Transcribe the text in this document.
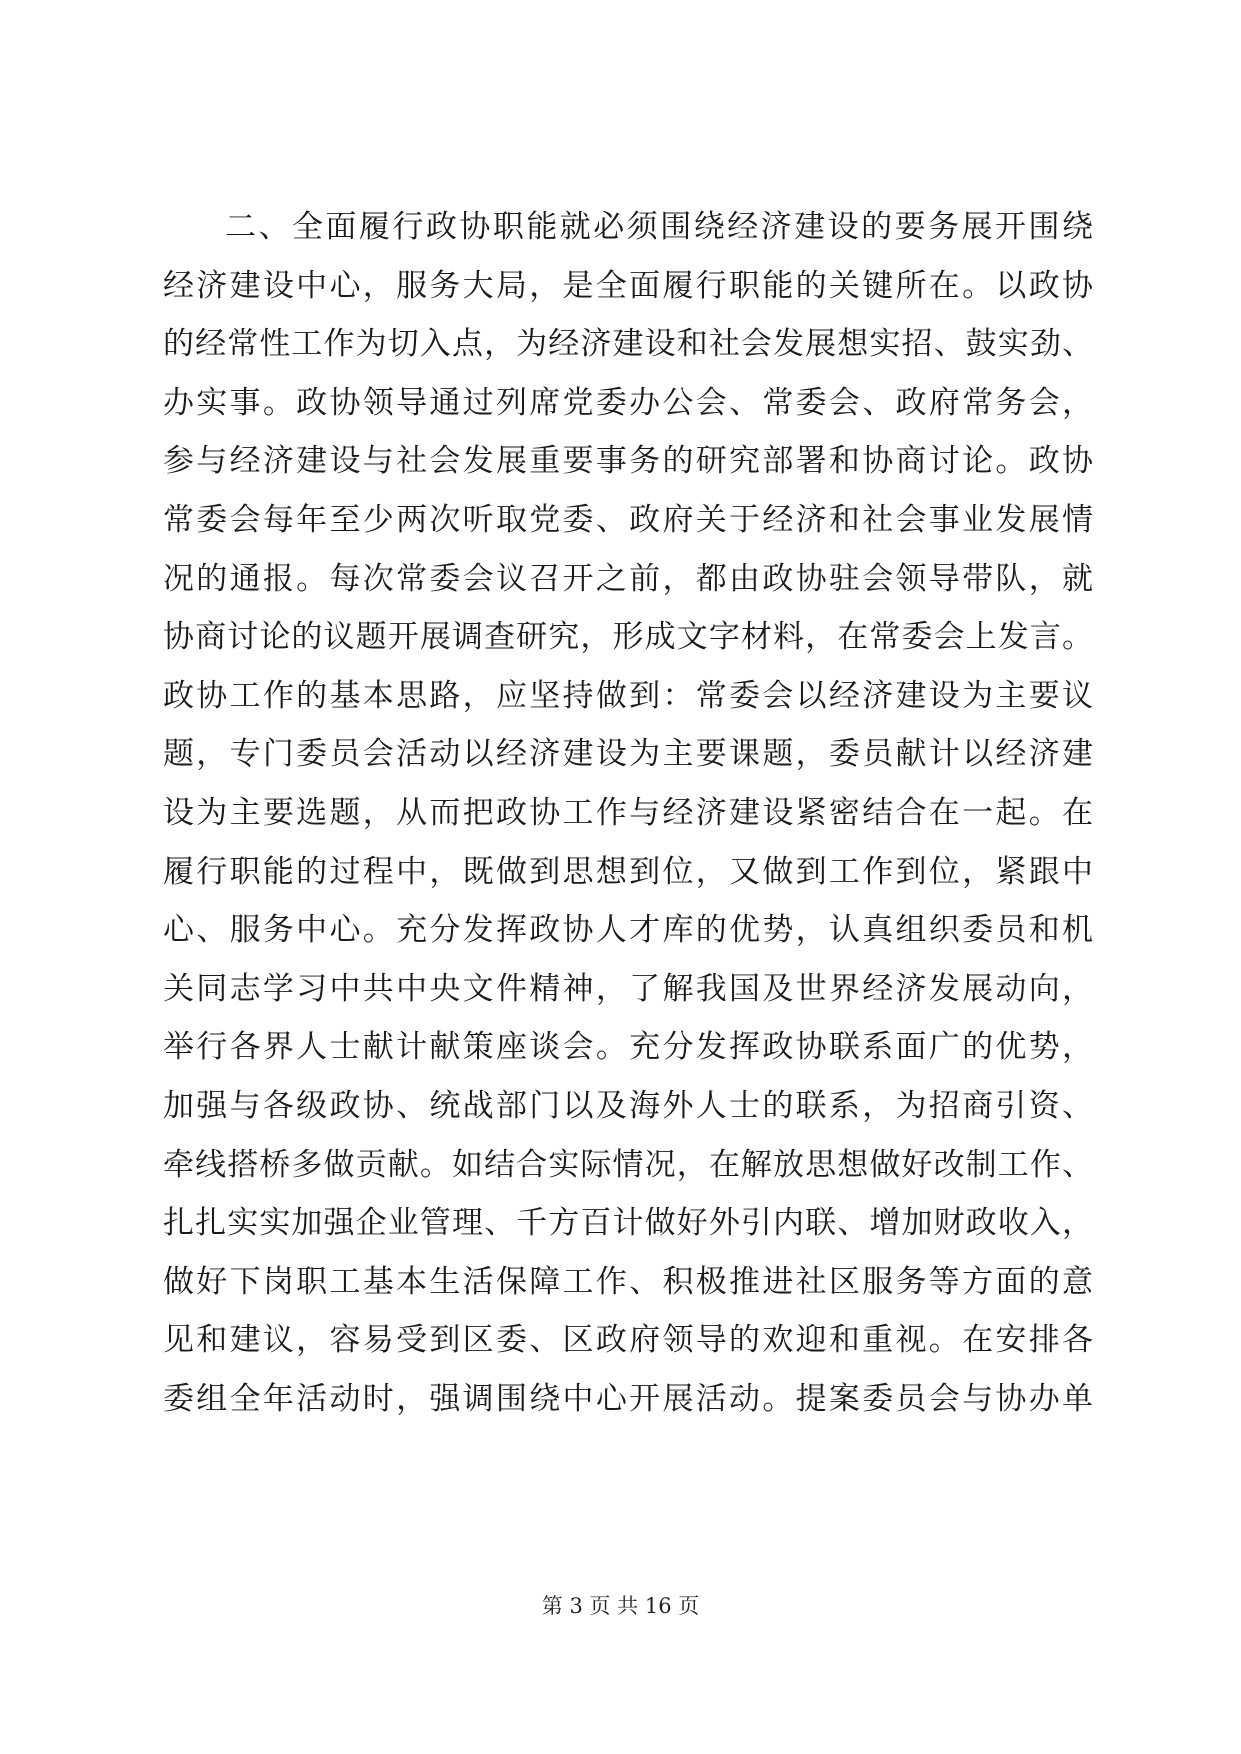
二、全面履行政协职能就必须围绕经济建设的要务展开围绕
经济建设中心，服务大局，是全面履行职能的关键所在。以政协
的经常性工作为切入点，为经济建设和社会发展想实招、鼓实劲、
办实事。政协领导通过列席党委办公会、常委会、政府常务会，
参与经济建设与社会发展重要事务的研究部署和协商讨论。政协
常委会每年至少两次听取党委、政府关于经济和社会事业发展情
况的通报。每次常委会议召开之前，都由政协驻会领导带队，就
协商讨论的议题开展调查研究，形成文字材料，在常委会上发言。
政协工作的基本思路，应坚持做到：常委会以经济建设为主要议
题，专门委员会活动以经济建设为主要课题，委员献计以经济建
设为主要选题，从而把政协工作与经济建设紧密结合在一起。在
履行职能的过程中，既做到思想到位，又做到工作到位，紧跟中
心、服务中心。充分发挥政协人才库的优势，认真组织委员和机
关同志学习中共中央文件精神，了解我国及世界经济发展动向，
举行各界人士献计献策座谈会。充分发挥政协联系面广的优势，
加强与各级政协、统战部门以及海外人士的联系，为招商引资、
牵线搭桥多做贡献。如结合实际情况，在解放思想做好改制工作、
扎扎实实加强企业管理、千方百计做好外引内联、增加财政收入，
做好下岗职工基本生活保障工作、积极推进社区服务等方面的意
见和建议，容易受到区委、区政府领导的欢迎和重视。在安排各
委组全年活动时，强调围绕中心开展活动。提案委员会与协办单
第 3 页 共 16 页
